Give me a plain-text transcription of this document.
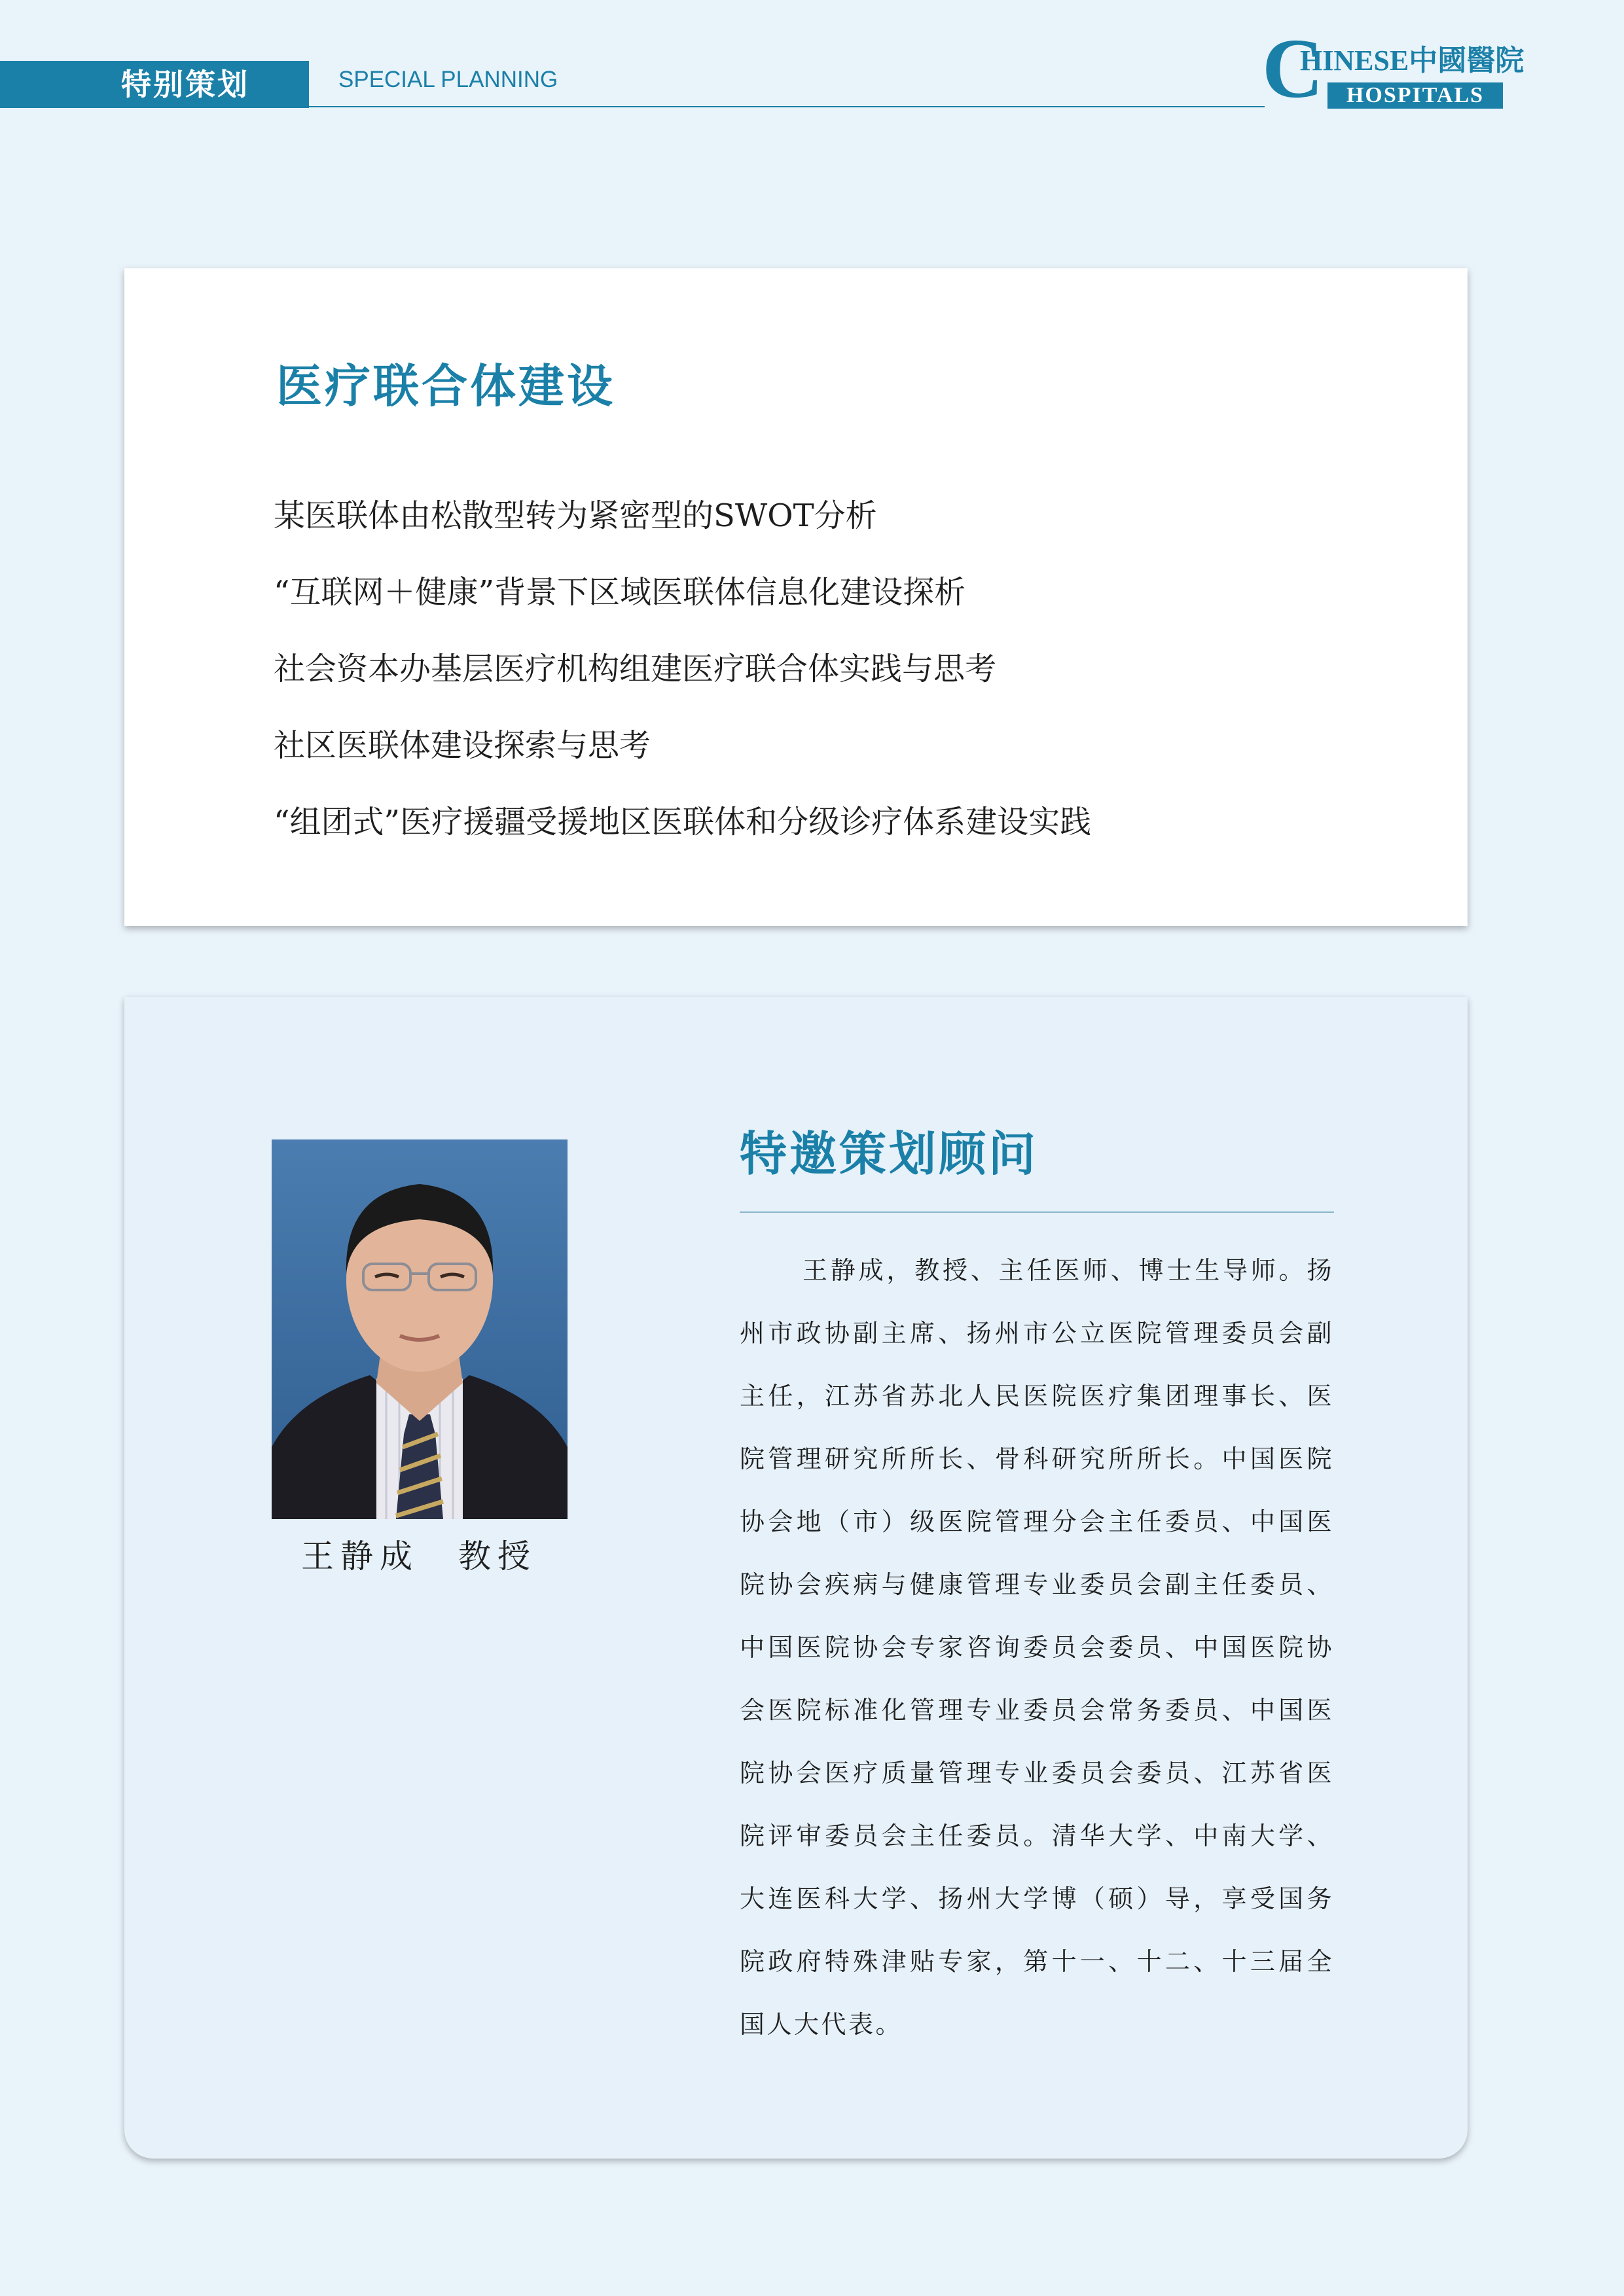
特别策划	SPECIAL PLANNING	C
HINESE中國醫院
HOSPITALS
医疗联合体建设
某医联体由松散型转为紧密型的SWOT分析
“互联网＋健康”背景下区域医联体信息化建设探析
社会资本办基层医疗机构组建医疗联合体实践与思考
社区医联体建设探索与思考
“组团式”医疗援疆受援地区医联体和分级诊疗体系建设实践
王静成　教授
特邀策划顾问

王静成，教授、主任医师、博士生导师。扬州市政协副主席、扬州市公立医院管理委员会副主任，江苏省苏北人民医院医疗集团理事长、医院管理研究所所长、骨科研究所所长。中国医院协会地（市）级医院管理分会主任委员、中国医院协会疾病与健康管理专业委员会副主任委员、中国医院协会专家咨询委员会委员、中国医院协会医院标准化管理专业委员会常务委员、中国医院协会医疗质量管理专业委员会委员、江苏省医院评审委员会主任委员。清华大学、中南大学、大连医科大学、扬州大学博（硕）导，享受国务院政府特殊津贴专家，第十一、十二、十三届全国人大代表。
